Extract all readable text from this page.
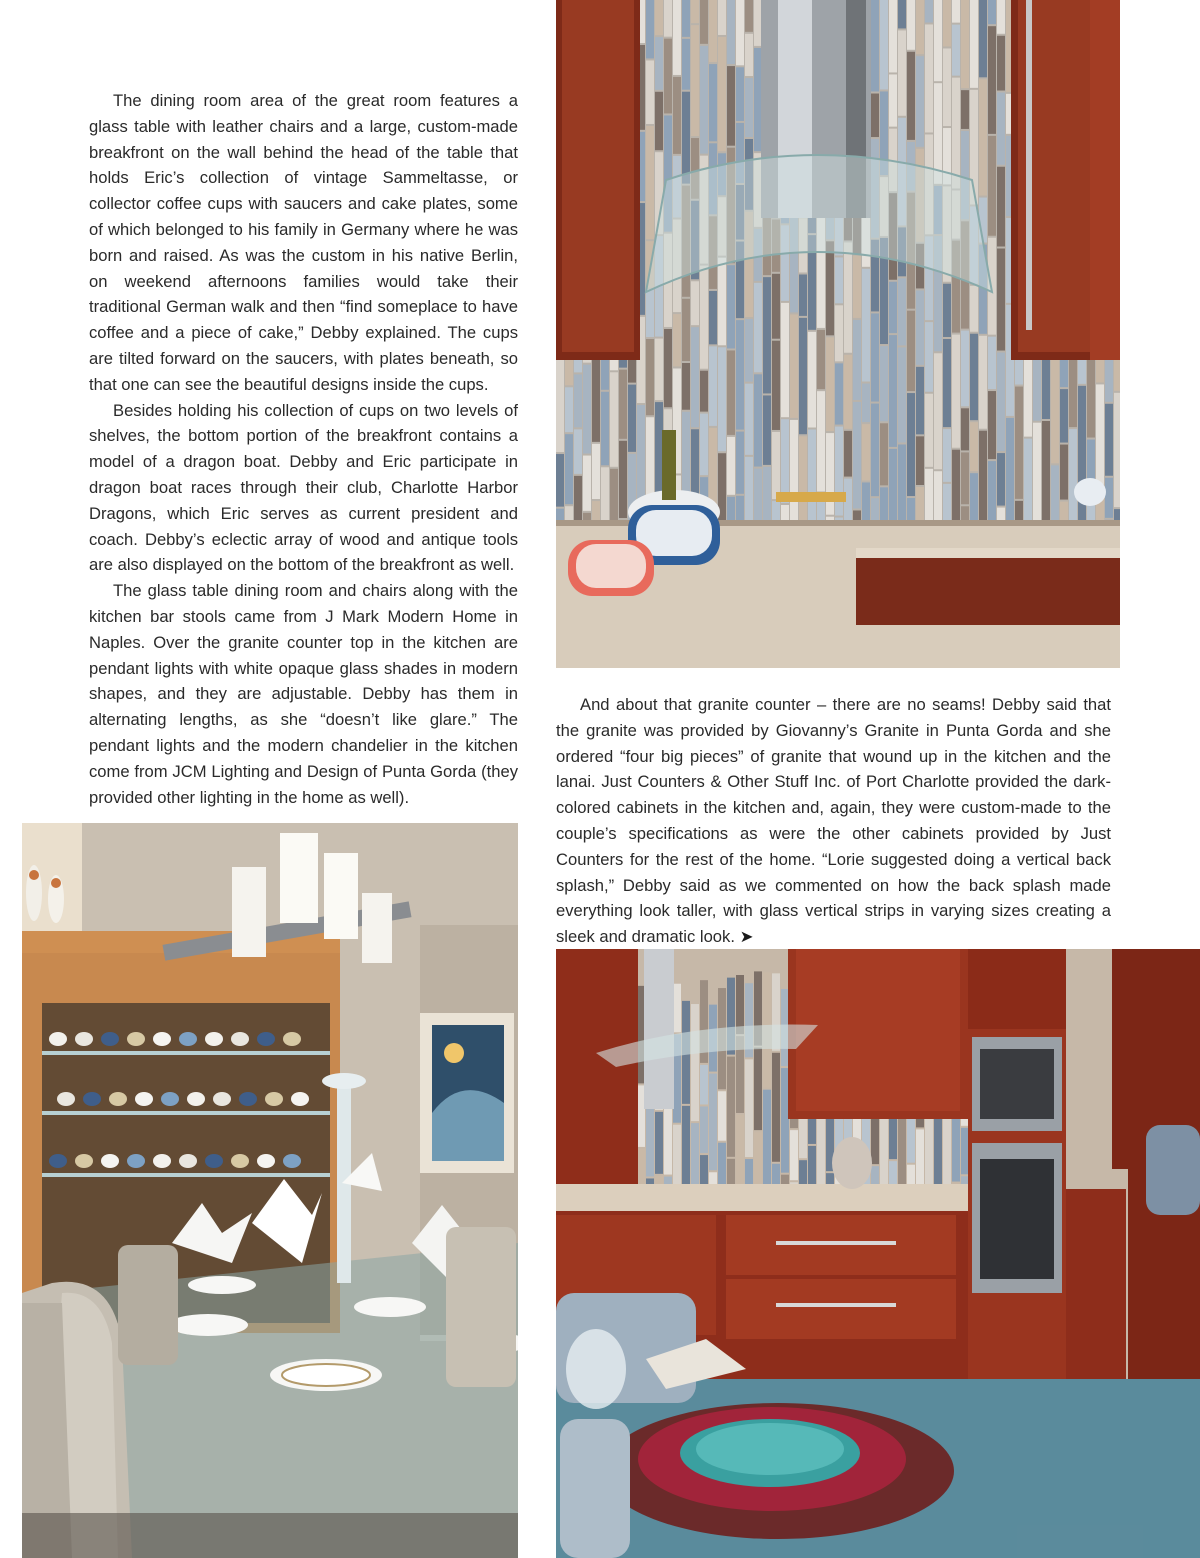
The dining room area of the great room features a glass table with leather chairs and a large, custom-made breakfront on the wall behind the head of the table that holds Eric’s collection of vintage Sammeltasse, or collector coffee cups with saucers and cake plates, some of which belonged to his family in Germany where he was born and raised. As was the custom in his native Berlin, on weekend afternoons families would take their traditional German walk and then “find someplace to have coffee and a piece of cake,” Debby explained. The cups are tilted forward on the saucers, with plates beneath, so that one can see the beautiful designs inside the cups.

Besides holding his collection of cups on two levels of shelves, the bottom portion of the breakfront contains a model of a dragon boat. Debby and Eric participate in dragon boat races through their club, Charlotte Harbor Dragons, which Eric serves as current president and coach. Debby’s eclectic array of wood and antique tools are also displayed on the bottom of the breakfront as well.

The glass table dining room and chairs along with the kitchen bar stools came from J Mark Modern Home in Naples. Over the granite counter top in the kitchen are pendant lights with white opaque glass shades in modern shapes, and they are adjustable. Debby has them in alternating lengths, as she “doesn’t like glare.” The pendant lights and the modern chandelier in the kitchen come from JCM Lighting and Design of Punta Gorda (they provided other lighting in the home as well).

And about that granite counter – there are no seams! Debby said that the granite was provided by Giovanny’s Granite in Punta Gorda and she ordered “four big pieces” of granite that wound up in the kitchen and the lanai. Just Counters & Other Stuff Inc. of Port Charlotte provided the dark-colored cabinets in the kitchen and, again, they were custom-made to the couple’s specifications as were the other cabinets provided by Just Counters for the rest of the home. “Lorie suggested doing a vertical back splash,” Debby said as we commented on how the back splash made everything look taller, with glass vertical strips in varying sizes creating a sleek and dramatic look. ➤
